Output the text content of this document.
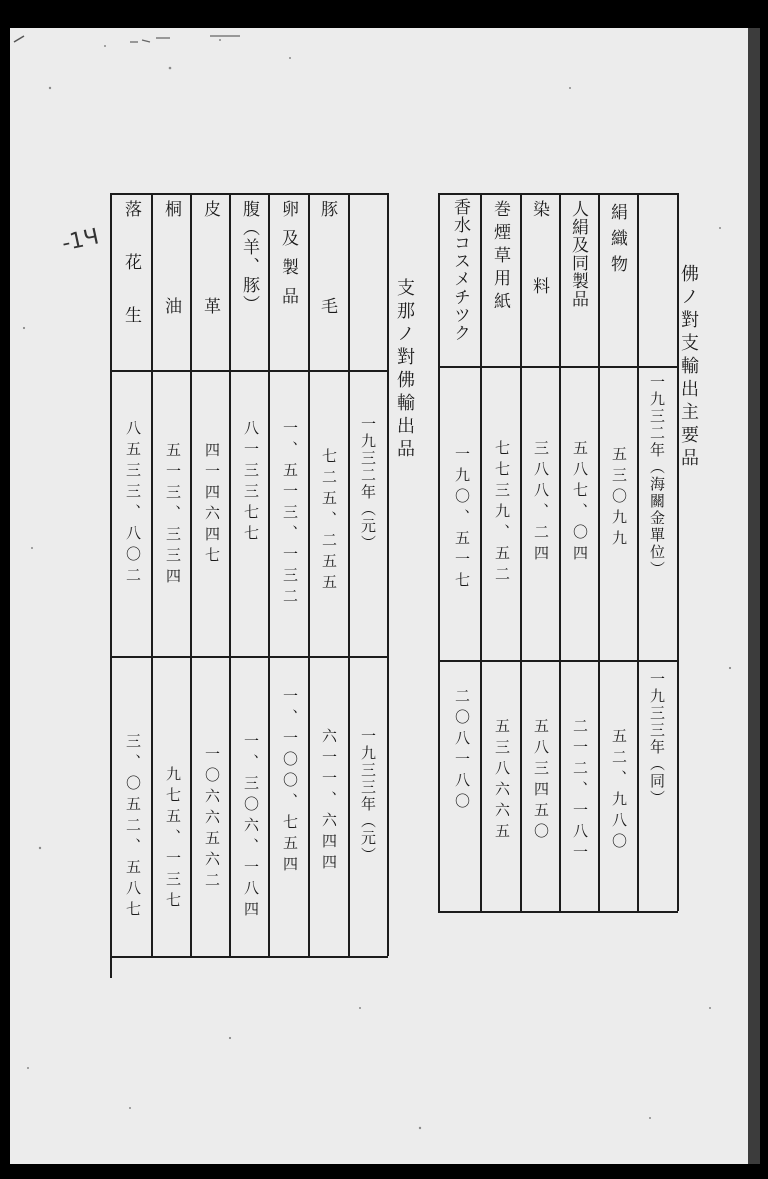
-1Ч
佛ノ對支輸出主要品
一九三二年（海關金單位）
一九三三年（同）
絹織物
五三〇九九
五二、九八〇
人絹及同製品
五八七、〇四
二一二、一八一
染料
三八八、二四
五八三四五〇
巻煙草用紙
七七三九、五二
五三八六六五
香水コスメチツク
一九〇、五一七
二〇八一八〇
支那ノ對佛輸出品
一九三二年（元）
一九三三年（元）
豚毛
七二五、二五五
六一一、六四四
卵及製品
一、五一三、一三二
一、一〇〇、七五四
腹（羊、豚）
八一三三七七
一、三〇六、一八四
皮革
四一四六四七
一〇六六五六二
桐油
五一三、三三四
九七五、一三七
落花生
八五三三、八〇二
三、〇五二、五八七
